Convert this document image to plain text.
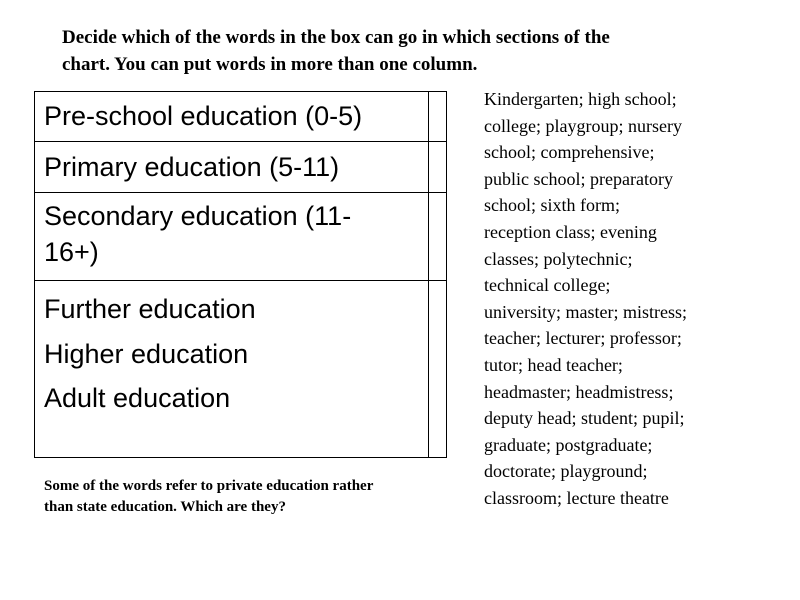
Decide which of the words in the box can go in which sections of the
chart. You can put words in more than one column.
Pre-school education (0-5)	
Primary education (5-11)	

Secondary education (11-
16+)	

Further education
Higher education
Adult education	

Kindergarten; high school;
college; playgroup; nursery
school; comprehensive;
public school; preparatory
school; sixth form;
reception class; evening
classes; polytechnic;
technical college;
university; master; mistress;
teacher; lecturer; professor;
tutor; head teacher;
headmaster; headmistress;
deputy head; student; pupil;
graduate; postgraduate;
doctorate; playground;
classroom; lecture theatre
Some of the words refer to private education rather
than state education. Which are they?
